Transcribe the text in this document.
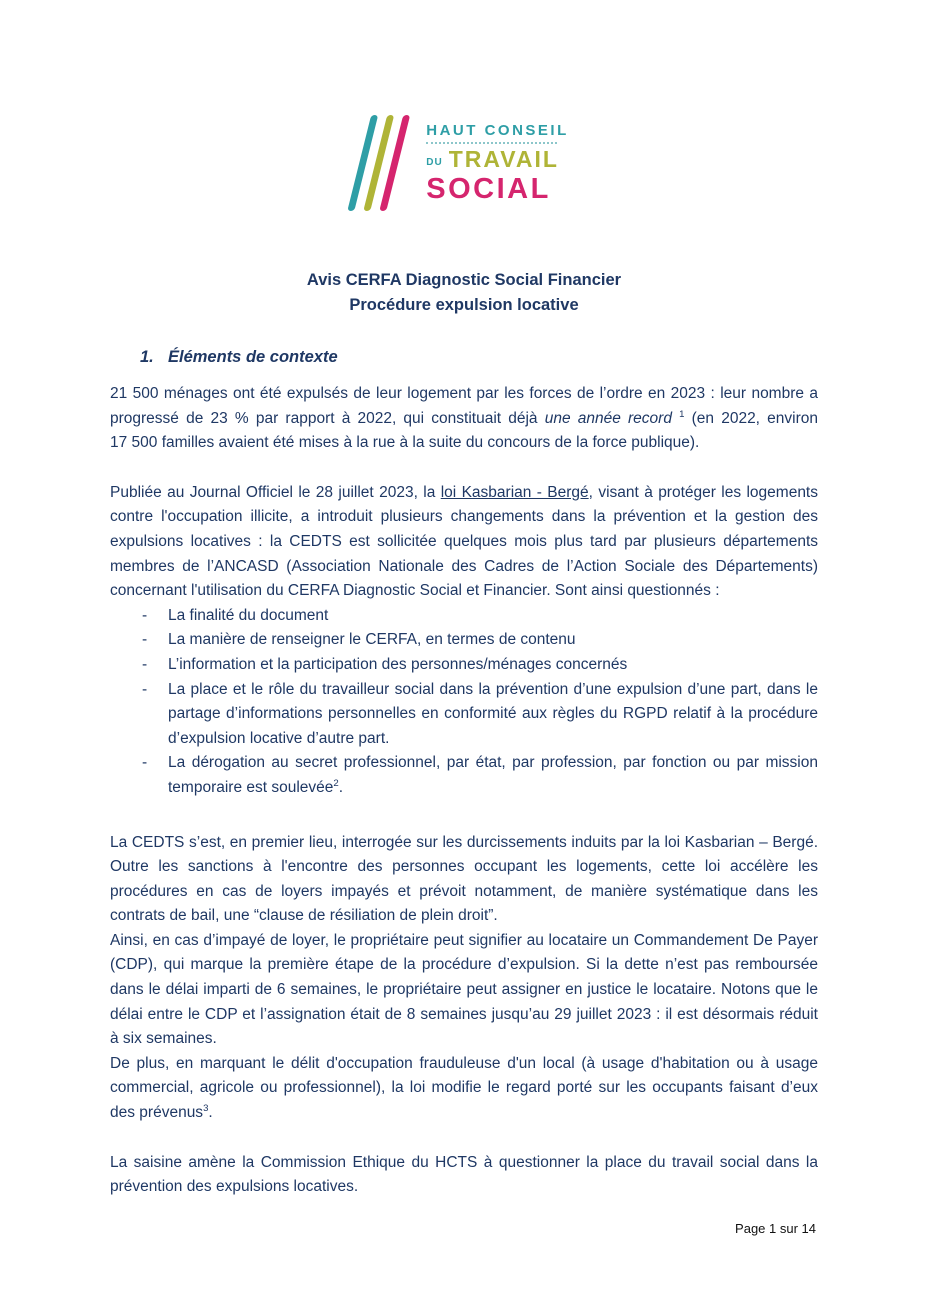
HAUT CONSEIL
DU TRAVAIL
SOCIAL
Avis CERFA Diagnostic Social Financier
Procédure expulsion locative
1. Éléments de contexte

21 500 ménages ont été expulsés de leur logement par les forces de l’ordre en 2023 : leur nombre a progressé de 23 % par rapport à 2022, qui constituait déjà une année record $^1$ (en 2022, environ 17 500 familles avaient été mises à la rue à la suite du concours de la force publique).

Publiée au Journal Officiel le 28 juillet 2023, la loi Kasbarian - Bergé, visant à protéger les logements contre l'occupation illicite, a introduit plusieurs changements dans la prévention et la gestion des expulsions locatives : la CEDTS est sollicitée quelques mois plus tard par plusieurs départements membres de l’ANCASD (Association Nationale des Cadres de l’Action Sociale des Départements) concernant l'utilisation du CERFA Diagnostic Social et Financier. Sont ainsi questionnés :

-	La finalité du document
-	La manière de renseigner le CERFA, en termes de contenu
-	L’information et la participation des personnes/ménages concernés
-	La place et le rôle du travailleur social dans la prévention d’une expulsion d’une part, dans le partage d’informations personnelles en conformité aux règles du RGPD relatif à la procédure d’expulsion locative d’autre part.
-	La dérogation au secret professionnel, par état, par profession, par fonction ou par mission temporaire est soulevée$^2$.

La CEDTS s’est, en premier lieu, interrogée sur les durcissements induits par la loi Kasbarian – Bergé. Outre les sanctions à l'encontre des personnes occupant les logements, cette loi accélère les procédures en cas de loyers impayés et prévoit notamment, de manière systématique dans les contrats de bail, une “clause de résiliation de plein droit”.

Ainsi, en cas d’impayé de loyer, le propriétaire peut signifier au locataire un Commandement De Payer (CDP), qui marque la première étape de la procédure d’expulsion. Si la dette n’est pas remboursée dans le délai imparti de 6 semaines, le propriétaire peut assigner en justice le locataire. Notons que le délai entre le CDP et l’assignation était de 8 semaines jusqu’au 29 juillet 2023 : il est désormais réduit à six semaines.

De plus, en marquant le délit d'occupation frauduleuse d'un local (à usage d'habitation ou à usage commercial, agricole ou professionnel), la loi modifie le regard porté sur les occupants faisant d’eux des prévenus$^3$.

La saisine amène la Commission Ethique du HCTS à questionner la place du travail social dans la prévention des expulsions locatives.

Page 1 sur 14
